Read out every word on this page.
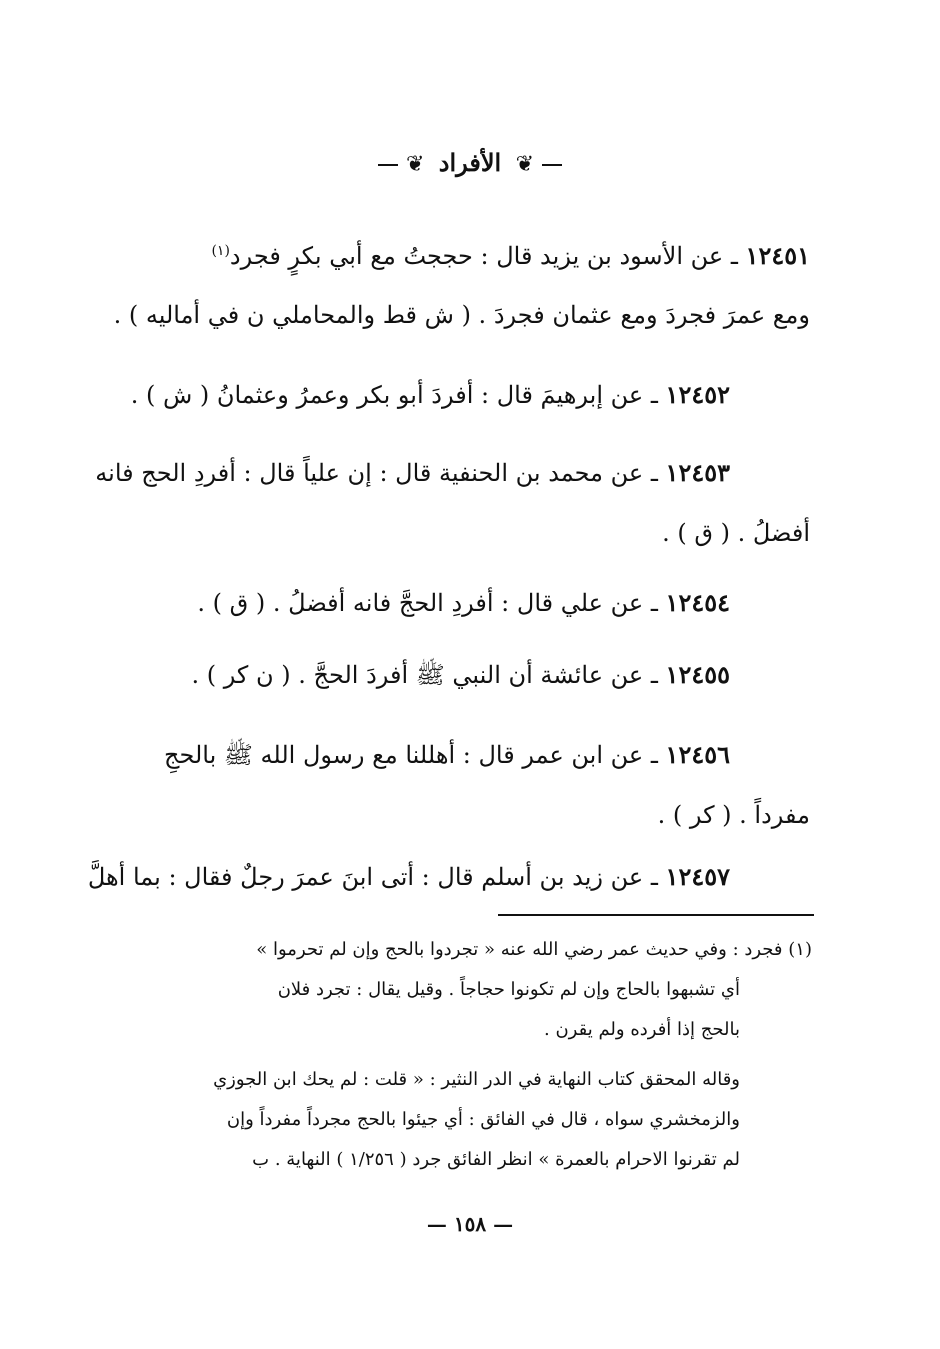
❦ الأفراد ❦
١٢٤٥١ ـ عن الأسود بن يزيد قال : حججتُ مع أبي بكرٍ فجرد$^{(١)}$
ومع عمرَ فجردَ ومع عثمان فجردَ . ( ش قط والمحاملي ن في أماليه ) .
١٢٤٥٢ ـ عن إبرهيمَ قال : أفردَ أبو بكر وعمرُ وعثمانُ ( ش ) .
١٢٤٥٣ ـ عن محمد بن الحنفية قال : إن علياً قال : أفردِ الحج فانه
أفضلُ . ( ق ) .
١٢٤٥٤ ـ عن علي قال : أفردِ الحجَّ فانه أفضلُ . ( ق ) .
١٢٤٥٥ ـ عن عائشة أن النبي ﷺ أفردَ الحجَّ . ( ن كر ) .
١٢٤٥٦ ـ عن ابن عمر قال : أهللنا مع رسول الله ﷺ بالحجِ
مفرداً . ( كر ) .
١٢٤٥٧ ـ عن زيد بن أسلم قال : أتى ابنَ عمرَ رجلٌ فقال : بما أهلَّ
(١) فجرد : وفي حديث عمر رضي الله عنه « تجردوا بالحج وإن لم تحرموا »
أي تشبهوا بالحاج وإن لم تكونوا حجاجاً . وقيل يقال : تجرد فلان
بالحج إذا أفرده ولم يقرن .
وقاله المحقق كتاب النهاية في الدر النثير : « قلت : لم يحك ابن الجوزي
والزمخشري سواه ، قال في الفائق : أي جيئوا بالحج مجرداً مفرداً وإن
لم تقرنوا الاحرام بالعمرة » انظر الفائق جرد ( ١/٢٥٦ ) النهاية . ب
— ١٥٨ —
